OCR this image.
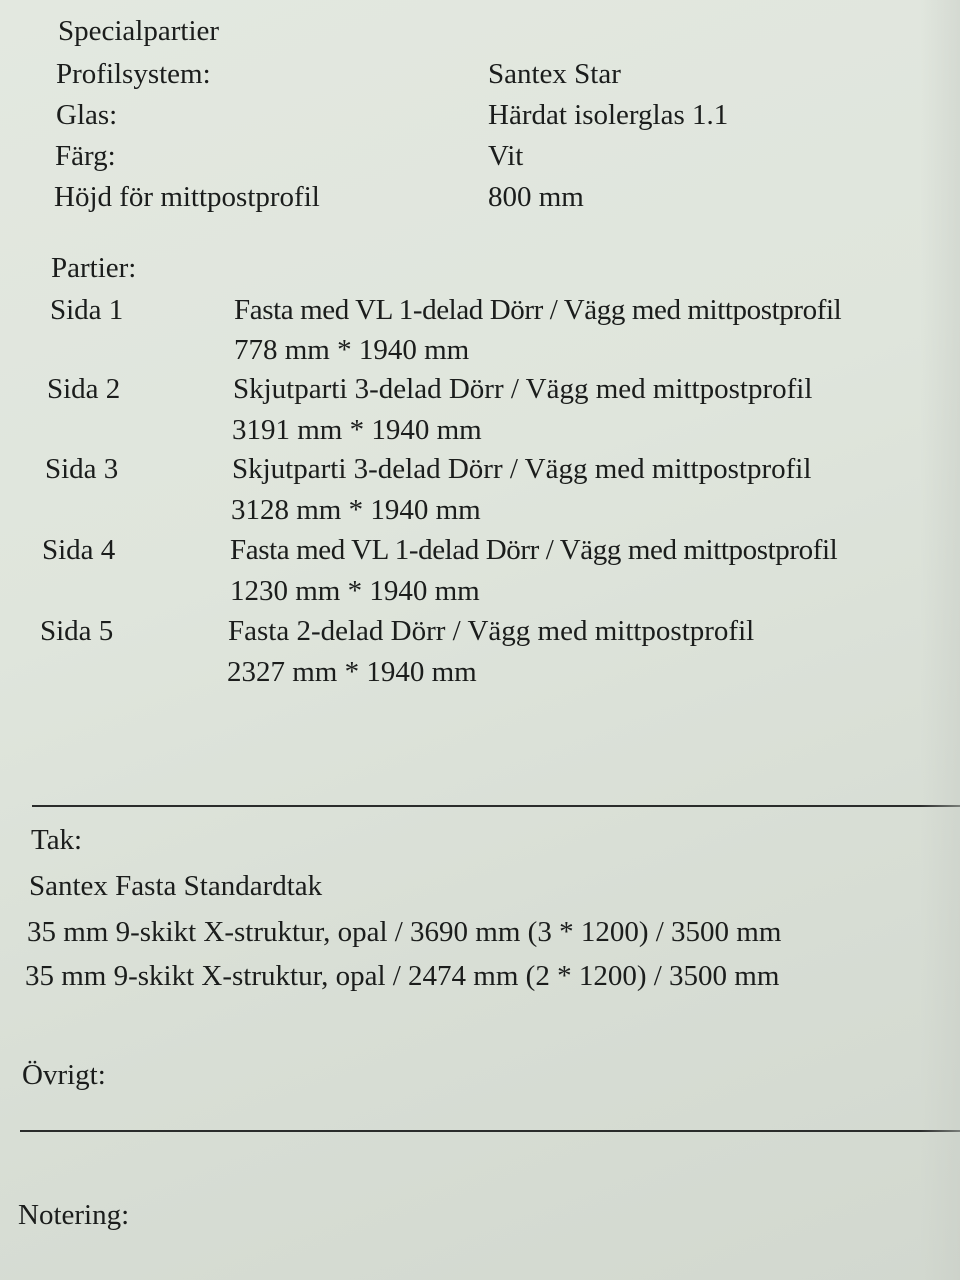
Specialpartier
Profilsystem:	Santex Star
Glas:	Härdat isolerglas 1.1
Färg:	Vit
Höjd för mittpostprofil	800 mm
Partier:
Sida 1	Fasta med VL 1-delad Dörr / Vägg med mittpostprofil
778 mm * 1940 mm
Sida 2	Skjutparti 3-delad Dörr / Vägg med mittpostprofil
3191 mm * 1940 mm
Sida 3	Skjutparti 3-delad Dörr / Vägg med mittpostprofil
3128 mm * 1940 mm
Sida 4	Fasta med VL 1-delad Dörr / Vägg med mittpostprofil
1230 mm * 1940 mm
Sida 5	Fasta 2-delad Dörr / Vägg med mittpostprofil
2327 mm * 1940 mm
Tak:
Santex Fasta Standardtak
35 mm 9-skikt X-struktur, opal / 3690 mm (3 * 1200) / 3500 mm
35 mm 9-skikt X-struktur, opal / 2474 mm (2 * 1200) / 3500 mm
Övrigt:
Notering:
